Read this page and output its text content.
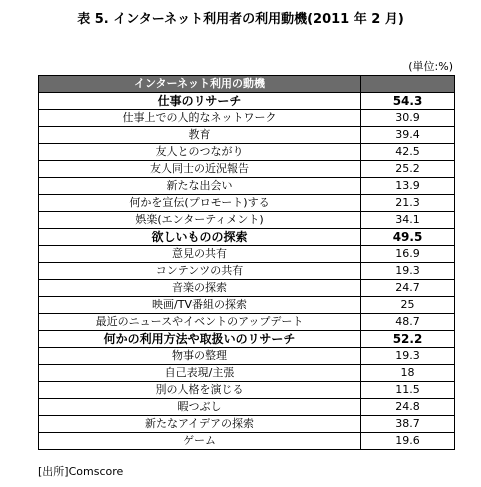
表 5. インターネット利用者の利用動機(2011 年 2 月)
(単位:%)
インターネット利用の動機	
仕事のリサーチ	54.3
仕事上での人的なネットワーク	30.9
教育	39.4
友人とのつながり	42.5
友人同士の近況報告	25.2
新たな出会い	13.9
何かを宣伝(プロモート)する	21.3
娯楽(エンターティメント)	34.1
欲しいものの探索	49.5
意見の共有	16.9
コンテンツの共有	19.3
音楽の探索	24.7
映画/TV番組の探索	25
最近のニュースやイベントのアップデート	48.7
何かの利用方法や取扱いのリサーチ	52.2
物事の整理	19.3
自己表現/主張	18
別の人格を演じる	11.5
暇つぶし	24.8
新たなアイデアの探索	38.7
ゲーム	19.6
[出所]Comscore
